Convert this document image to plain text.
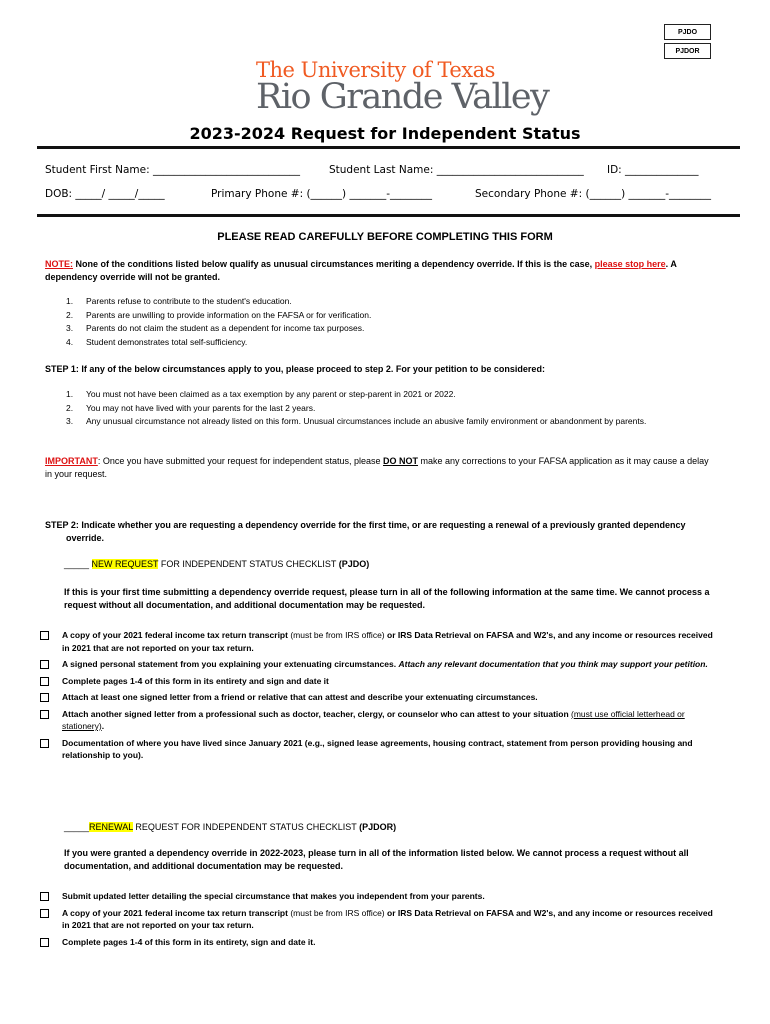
PJDO
PJDOR
The University of Texas
Rio Grande Valley
2023-2024 Request for Independent Status
Student First Name: ____________________________	Student Last Name: ____________________________ ID: ______________
DOB: _____/ _____/_____	Primary Phone #: (______) _______-________	Secondary Phone #: (______) _______-________
PLEASE READ CAREFULLY BEFORE COMPLETING THIS FORM
NOTE: None of the conditions listed below qualify as unusual circumstances meriting a dependency override. If this is the case, please stop here. A dependency override will not be granted.
1. Parents refuse to contribute to the student's education.
2. Parents are unwilling to provide information on the FAFSA or for verification.
3. Parents do not claim the student as a dependent for income tax purposes.
4. Student demonstrates total self-sufficiency.
STEP 1: If any of the below circumstances apply to you, please proceed to step 2. For your petition to be considered:
1. You must not have been claimed as a tax exemption by any parent or step-parent in 2021 or 2022.
2. You may not have lived with your parents for the last 2 years.
3. Any unusual circumstance not already listed on this form. Unusual circumstances include an abusive family environment or abandonment by parents.
IMPORTANT: Once you have submitted your request for independent status, please DO NOT make any corrections to your FAFSA application as it may cause a delay in your request.
STEP 2: Indicate whether you are requesting a dependency override for the first time, or are requesting a renewal of a previously granted dependency
override.
_____ NEW REQUEST FOR INDEPENDENT STATUS CHECKLIST (PJDO)
If this is your first time submitting a dependency override request, please turn in all of the following information at the same time. We cannot process a request without all documentation, and additional documentation may be requested.
A copy of your 2021 federal income tax return transcript (must be from IRS office) or IRS Data Retrieval on FAFSA and W2's, and any income or resources received in 2021 that are not reported on your tax return.
A signed personal statement from you explaining your extenuating circumstances. Attach any relevant documentation that you think may support your petition.
Complete pages 1-4 of this form in its entirety and sign and date it
Attach at least one signed letter from a friend or relative that can attest and describe your extenuating circumstances.
Attach another signed letter from a professional such as doctor, teacher, clergy, or counselor who can attest to your situation (must use official letterhead or stationery).
Documentation of where you have lived since January 2021 (e.g., signed lease agreements, housing contract, statement from person providing housing and relationship to you).
_____RENEWAL REQUEST FOR INDEPENDENT STATUS CHECKLIST (PJDOR)
If you were granted a dependency override in 2022-2023, please turn in all of the information listed below. We cannot process a request without all documentation, and additional documentation may be requested.
Submit updated letter detailing the special circumstance that makes you independent from your parents.
A copy of your 2021 federal income tax return transcript (must be from IRS office) or IRS Data Retrieval on FAFSA and W2's, and any income or resources received in 2021 that are not reported on your tax return.
Complete pages 1-4 of this form in its entirety, sign and date it.
